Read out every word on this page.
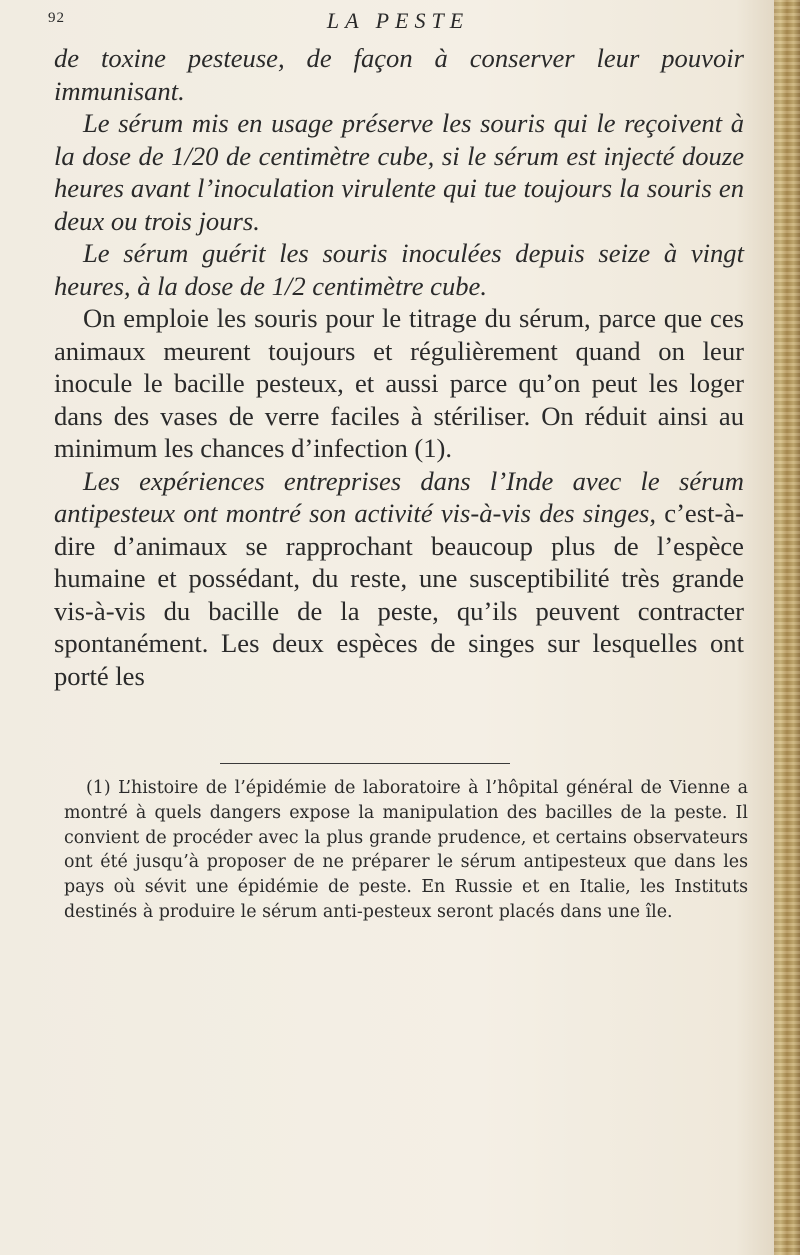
92	LA PESTE

de toxine pesteuse, de façon à conserver leur pouvoir immunisant.

Le sérum mis en usage préserve les souris qui le reçoivent à la dose de 1/20 de centimètre cube, si le sérum est injecté douze heures avant l’inoculation virulente qui tue toujours la souris en deux ou trois jours.

Le sérum guérit les souris inoculées depuis seize à vingt heures, à la dose de 1/2 centimètre cube.

On emploie les souris pour le titrage du sérum, parce que ces animaux meurent toujours et régulièrement quand on leur inocule le bacille pesteux, et aussi parce qu’on peut les loger dans des vases de verre faciles à stériliser. On réduit ainsi au minimum les chances d’infection (1).

Les expériences entreprises dans l’Inde avec le sérum antipesteux ont montré son activité vis-à-vis des singes, c’est-à-dire d’animaux se rapprochant beaucoup plus de l’espèce humaine et possédant, du reste, une susceptibilité très grande vis-à-vis du bacille de la peste, qu’ils peuvent contracter spontanément. Les deux espèces de singes sur lesquelles ont porté les

(1) L’histoire de l’épidémie de laboratoire à l’hôpital général de Vienne a montré à quels dangers expose la manipulation des bacilles de la peste. Il convient de procéder avec la plus grande prudence, et certains observateurs ont été jusqu’à proposer de ne préparer le sérum antipesteux que dans les pays où sévit une épidémie de peste. En Russie et en Italie, les Instituts destinés à produire le sérum anti-pesteux seront placés dans une île.
